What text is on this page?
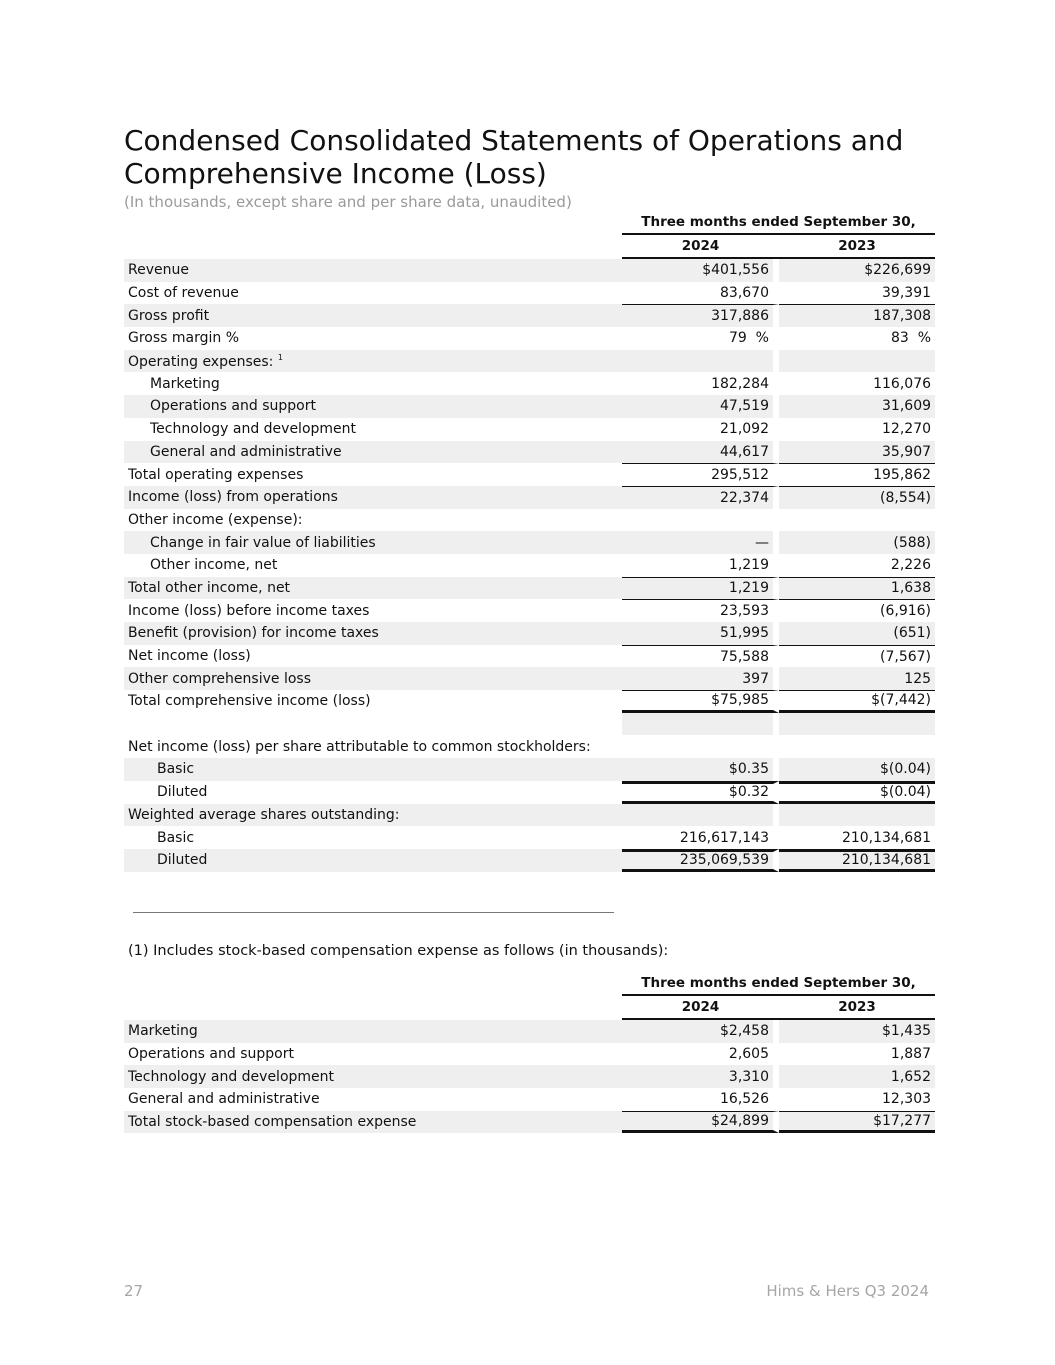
Condensed Consolidated Statements of Operations and Comprehensive Income (Loss)

(In thousands, except share and per share data, unaudited)

	Three months ended September 30,	

	2024	2023
Revenue	$401,556	$226,699
Cost of revenue	83,670	39,391
Gross profit	317,886	187,308
Gross margin %	79  %	83  %
Operating expenses: $^1$		
Marketing	182,284	116,076
Operations and support	47,519	31,609
Technology and development	21,092	12,270
General and administrative	44,617	35,907
Total operating expenses	295,512	195,862
Income (loss) from operations	22,374	(8,554)
Other income (expense):		
Change in fair value of liabilities	—	(588)
Other income, net	1,219	2,226
Total other income, net	1,219	1,638
Income (loss) before income taxes	23,593	(6,916)
Benefit (provision) for income taxes	51,995	(651)
Net income (loss)	75,588	(7,567)
Other comprehensive loss	397	125
Total comprehensive income (loss)	$75,985	$(7,442)

Net income (loss) per share attributable to common stockholders:		
Basic	$0.35	$(0.04)
Diluted	$0.32	$(0.04)
Weighted average shares outstanding:		
Basic	216,617,143	210,134,681
Diluted	235,069,539	210,134,681

(1) Includes stock-based compensation expense as follows (in thousands):

	Three months ended September 30,	

	2024	2023
Marketing	$2,458	$1,435
Operations and support	2,605	1,887
Technology and development	3,310	1,652
General and administrative	16,526	12,303
Total stock-based compensation expense	$24,899	$17,277
27	Hims & Hers Q3 2024
